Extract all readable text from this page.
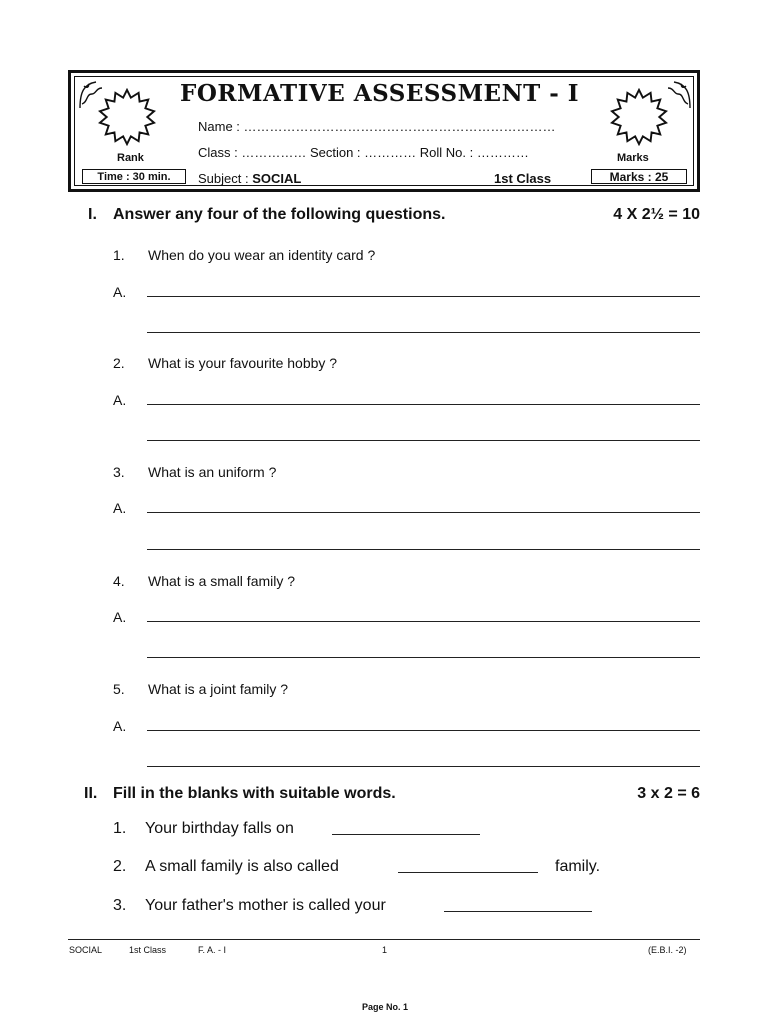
FORMATIVE ASSESSMENT - I
Name : ………………………………………………………………
Class : …………… Section : ………… Roll No. : …………
Subject : SOCIAL	1st Class
Rank	Marks
Time : 30 min.	Marks : 25
I. Answer any four of the following questions.	4 X 2½ = 10
1. When do you wear an identity card ?
A.
2. What is your favourite hobby ?
A.
3. What is an uniform ?
A.
4. What is a small family ?
A.
5. What is a joint family ?
A.
II. Fill in the blanks with suitable words.	3 x 2 = 6
1. Your birthday falls on
2. A small family is also called	family.
3. Your father's mother is called your
SOCIAL	1st Class	F. A. - I	1	(E.B.I. -2)
Page No. 1
